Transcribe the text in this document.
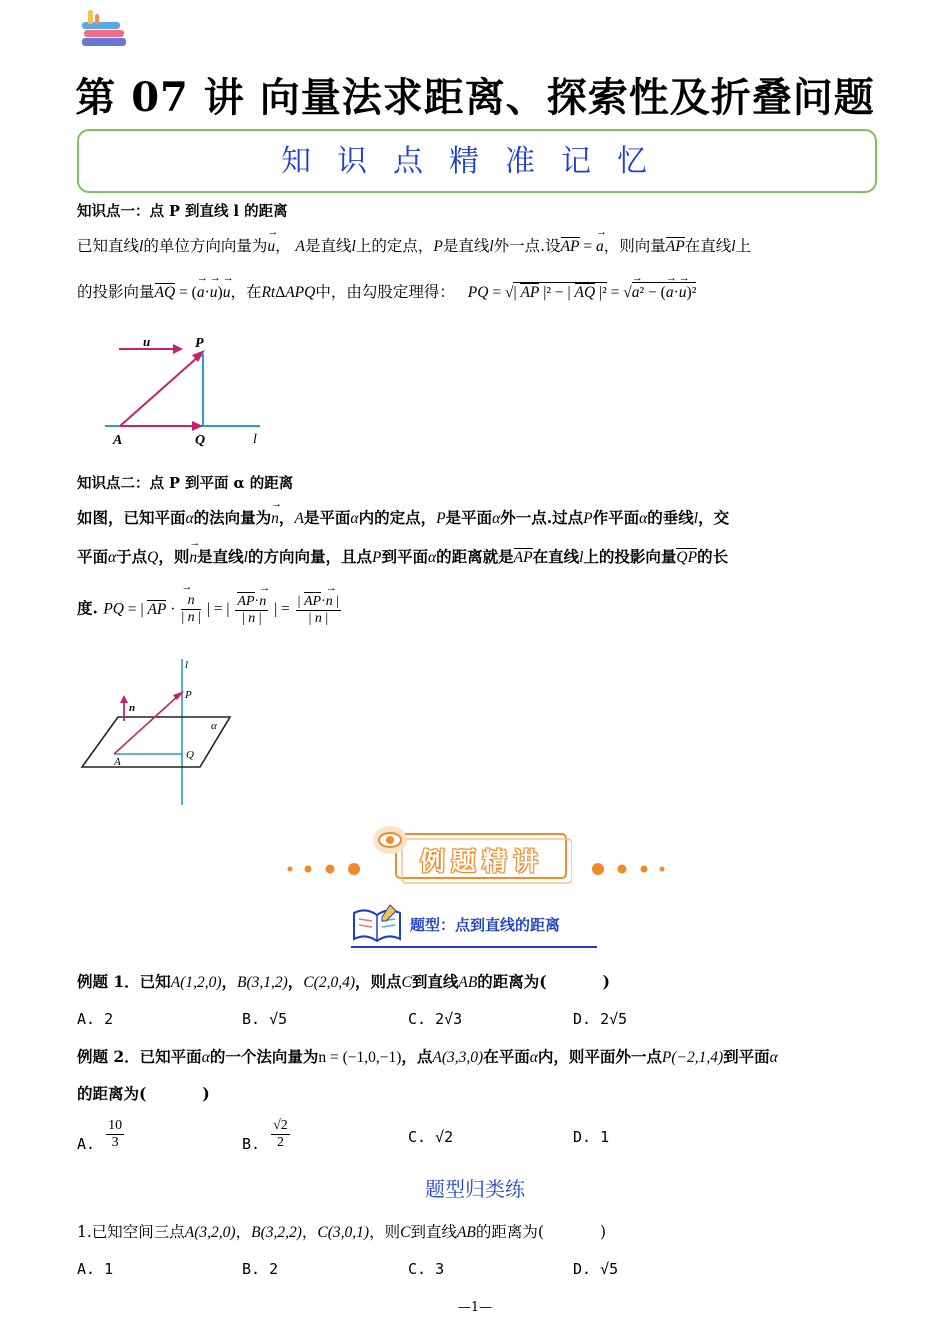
第 07 讲 向量法求距离、探索性及折叠问题
知识点精准记忆
知识点一：点 P 到直线 l 的距离
已知直线l的单位方向向量为→ u， A是直线l上的定点，P是直线l外一点.设AP = → a，则向量AP在直线l上
的投影向量AQ = (→ a·→ u)→ u，在RtΔAPQ中，由勾股定理得： PQ = √| AP |² − | AQ |² = √→ a² − (→ a·→ u)²
u	P
A	Q	l
知识点二：点 P 到平面 α 的距离
如图，已知平面α的法向量为→ n，A是平面α内的定点，P是平面α外一点.过点P作平面α的垂线l，交
平面α于点Q，则→ n是直线l的方向向量，且点P到平面α的距离就是AP在直线l上的投影向量QP的长
度. PQ = | AP ·
→ $\frac{n}{| n |}$ | = | $\frac{AP\cdot\to n}{| n |}$ | = $\frac{| AP\cdot\to n |}{| n |}$
l
P
n
α
A
Q
例题精讲
题型：点到直线的距离
例题 1．已知A(1,2,0)，B(3,1,2)，C(2,0,4)，则点C到直线AB的距离为(	)
A. 2	B. √5	C. 2√3	D. 2√5
例题 2．已知平面α的一个法向量为n = (−1,0,−1)，点A(3,3,0)在平面α内，则平面外一点P(−2,1,4)到平面α
的距离为(	)
A. $\frac{10}{3}$	B. $\frac{√2}{2}$	C. √2	D. 1
题型归类练
1.已知空间三点A(3,2,0)，B(3,2,2)，C(3,0,1)，则C到直线AB的距离为(	)
A. 1	B. 2	C. 3	D. √5
—1—
